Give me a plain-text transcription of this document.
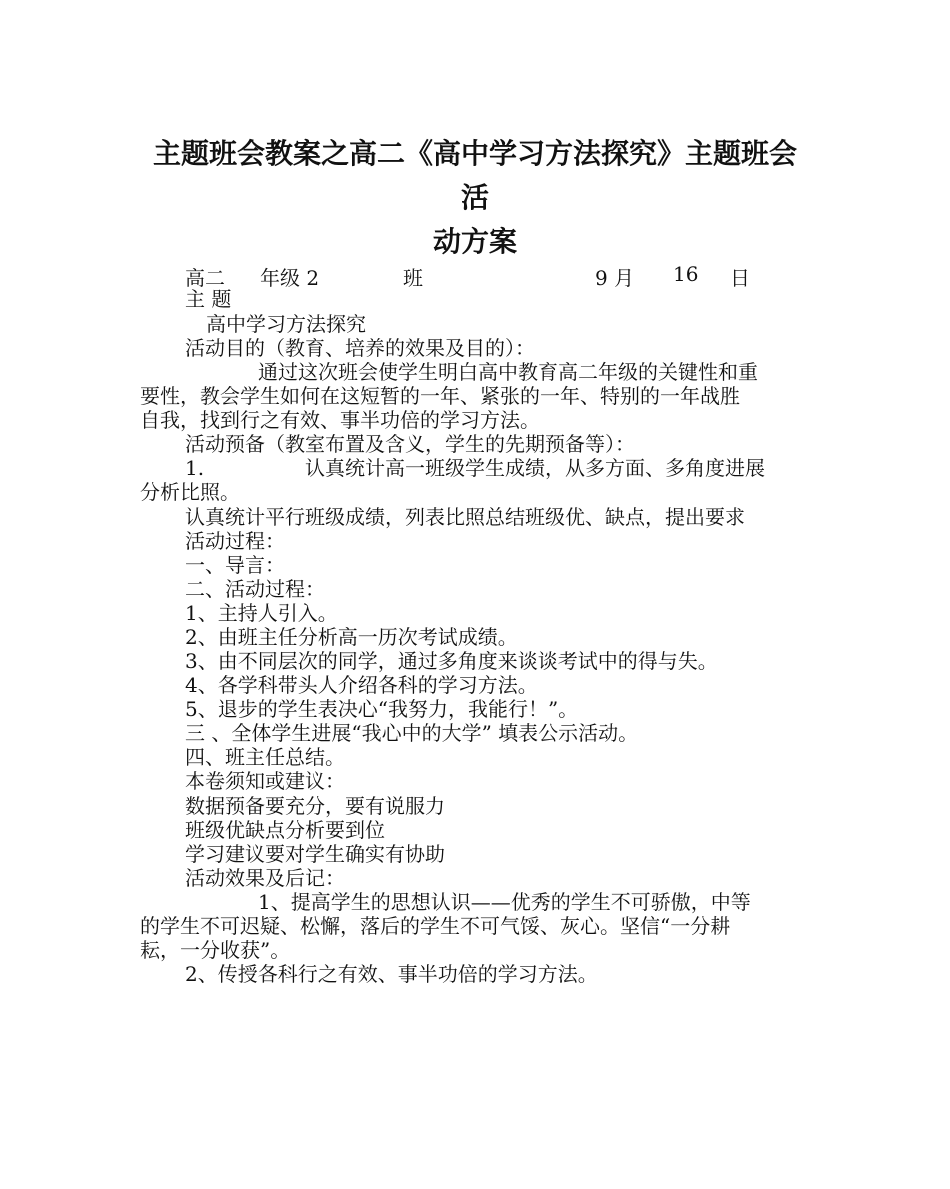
主题班会教案之高二《高中学习方法探究》主题班会活
动方案
高二 年级 2	班	9 月 16 日
主 题
高中学习方法探究
活动目的（教育、培养的效果及目的）：
通过这次班会使学生明白高中教育高二年级的关键性和重
要性，教会学生如何在这短暂的一年、紧张的一年、特别的一年战胜
自我，找到行之有效、事半功倍的学习方法。
活动预备（教室布置及含义，学生的先期预备等）：
1.	认真统计高一班级学生成绩，从多方面、多角度进展
分析比照。
认真统计平行班级成绩，列表比照总结班级优、缺点，提出要求
活动过程：
一、导言：
二、活动过程：
1、主持人引入。
2、由班主任分析高一历次考试成绩。
3、由不同层次的同学，通过多角度来谈谈考试中的得与失。
4、各学科带头人介绍各科的学习方法。
5、退步的学生表决心“我努力，我能行！”。
三 、全体学生进展“我心中的大学” 填表公示活动。
四、班主任总结。
本卷须知或建议：
数据预备要充分，要有说服力
班级优缺点分析要到位
学习建议要对学生确实有协助
活动效果及后记：
1、提高学生的思想认识——优秀的学生不可骄傲，中等
的学生不可迟疑、松懈，落后的学生不可气馁、灰心。坚信“一分耕
耘，一分收获”。
2、传授各科行之有效、事半功倍的学习方法。
